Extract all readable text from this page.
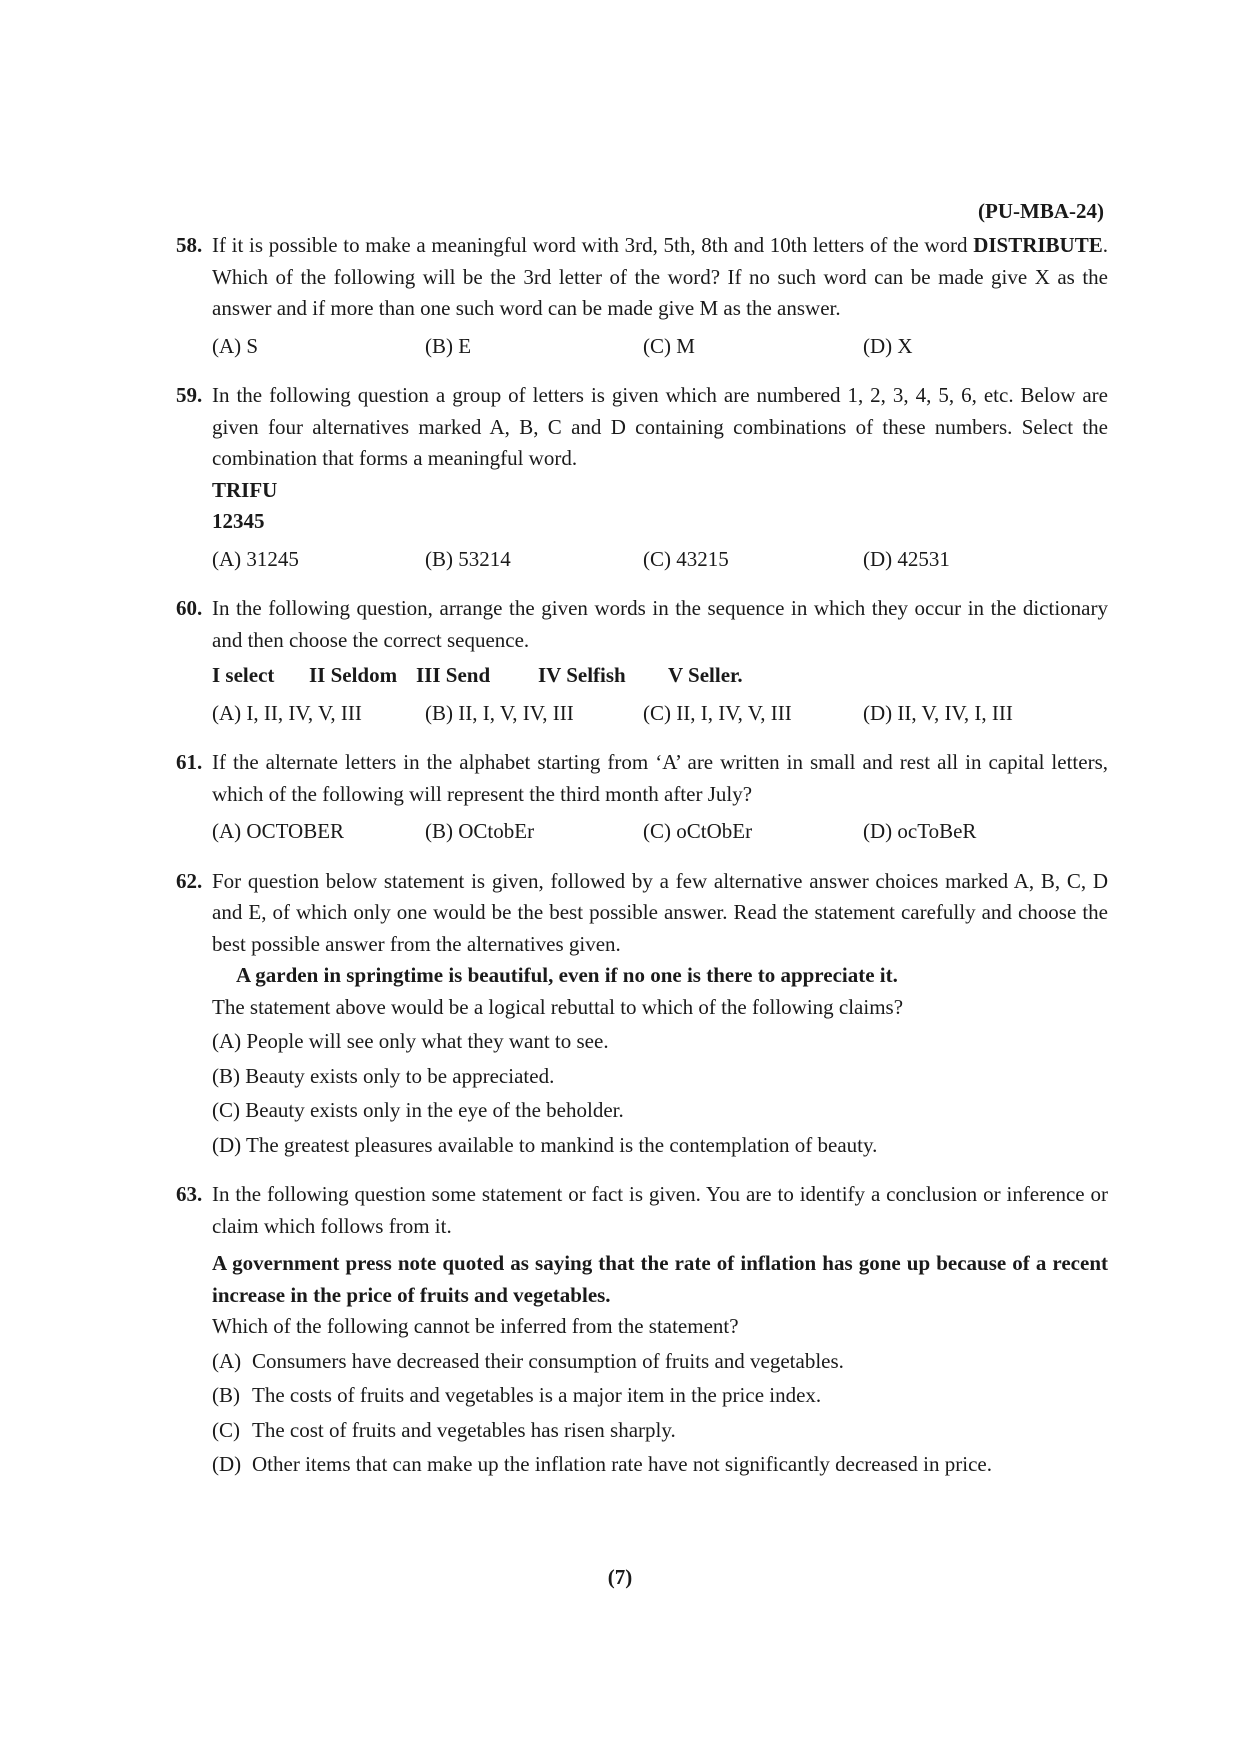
(PU-MBA-24)
58. If it is possible to make a meaningful word with 3rd, 5th, 8th and 10th letters of the word DISTRIBUTE. Which of the following will be the 3rd letter of the word? If no such word can be made give X as the answer and if more than one such word can be made give M as the answer.
(A) S	(B) E	(C) M	(D) X
59. In the following question a group of letters is given which are numbered 1, 2, 3, 4, 5, 6, etc. Below are given four alternatives marked A, B, C and D containing combinations of these numbers. Select the combination that forms a meaningful word.
TRIFU
12345
(A) 31245	(B) 53214	(C) 43215	(D) 42531
60. In the following question, arrange the given words in the sequence in which they occur in the dictionary and then choose the correct sequence.
I select	II Seldom III Send	IV Selfish	V Seller.
(A) I, II, IV, V, III	(B) II, I, V, IV, III	(C) II, I, IV, V, III	(D) II, V, IV, I, III
61. If the alternate letters in the alphabet starting from ‘A’ are written in small and rest all in capital letters, which of the following will represent the third month after July?
(A) OCTOBER	(B) OCtobEr	(C) oCtObEr	(D) ocToBeR
62. For question below statement is given, followed by a few alternative answer choices marked A, B, C, D and E, of which only one would be the best possible answer. Read the statement carefully and choose the best possible answer from the alternatives given.
A garden in springtime is beautiful, even if no one is there to appreciate it.
The statement above would be a logical rebuttal to which of the following claims?
(A) People will see only what they want to see.
(B) Beauty exists only to be appreciated.
(C) Beauty exists only in the eye of the beholder.
(D) The greatest pleasures available to mankind is the contemplation of beauty.
63. In the following question some statement or fact is given. You are to identify a conclusion or inference or claim which follows from it.
A government press note quoted as saying that the rate of inflation has gone up because of a recent increase in the price of fruits and vegetables.
Which of the following cannot be inferred from the statement?
(A) Consumers have decreased their consumption of fruits and vegetables.
(B) The costs of fruits and vegetables is a major item in the price index.
(C) The cost of fruits and vegetables has risen sharply.
(D) Other items that can make up the inflation rate have not significantly decreased in price.
(7)
